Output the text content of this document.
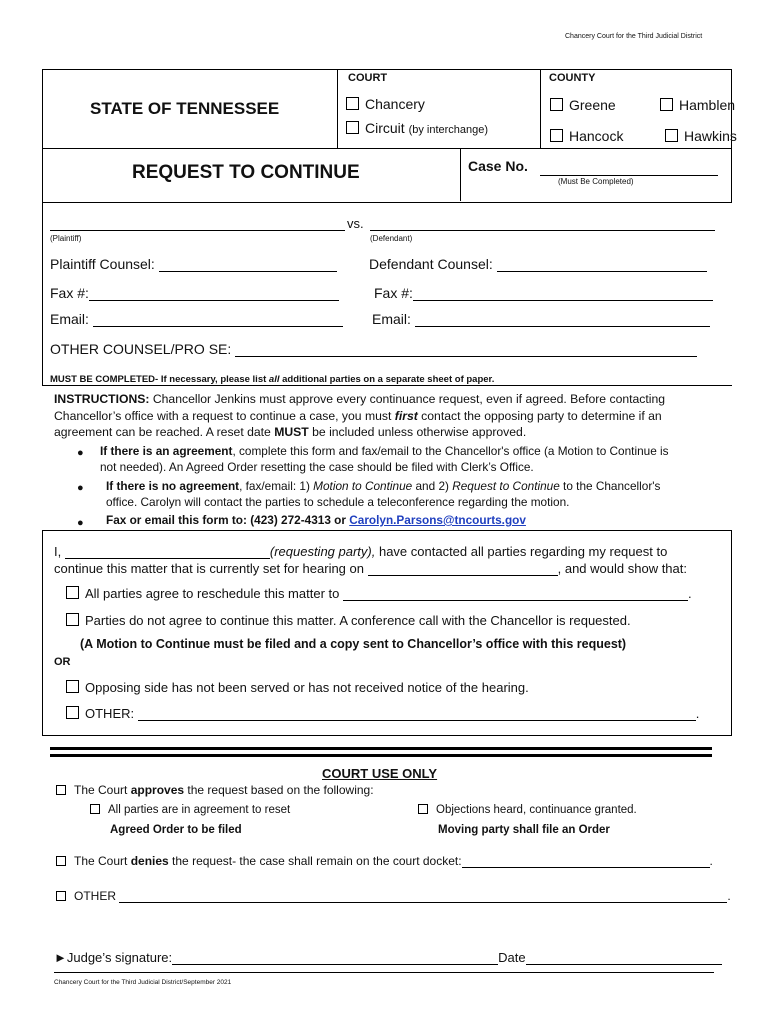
Chancery Court for the Third Judicial District
STATE OF TENNESSEE
COURT
Chancery
Circuit (by interchange)
COUNTY
Greene	Hamblen
Hancock	Hawkins
REQUEST TO CONTINUE	Case No.
(Must Be Completed)
vs.
(Plaintiff)	(Defendant)
Plaintiff Counsel:	Defendant Counsel:
Fax #:	Fax #:
Email:	Email:
OTHER COUNSEL/PRO SE:
MUST BE COMPLETED- If necessary, please list all additional parties on a separate sheet of paper.
INSTRUCTIONS: Chancellor Jenkins must approve every continuance request, even if agreed. Before contacting
Chancellor’s office with a request to continue a case, you must first contact the opposing party to determine if an
agreement can be reached. A reset date MUST be included unless otherwise approved.
● If there is an agreement, complete this form and fax/email to the Chancellor's office (a Motion to Continue is
not needed). An Agreed Order resetting the case should be filed with Clerk’s Office.
● If there is no agreement, fax/email: 1) Motion to Continue and 2) Request to Continue to the Chancellor's
office. Carolyn will contact the parties to schedule a teleconference regarding the motion.
● Fax or email this form to: (423) 272-4313 or Carolyn.Parsons@tncourts.gov
I,	(requesting party), have contacted all parties regarding my request to
continue this matter that is currently set for hearing on	, and would show that:
All parties agree to reschedule this matter to	.
Parties do not agree to continue this matter. A conference call with the Chancellor is requested.
(A Motion to Continue must be filed and a copy sent to Chancellor’s office with this request)
OR
Opposing side has not been served or has not received notice of the hearing.
OTHER:	.
COURT USE ONLY
The Court approves the request based on the following:
All parties are in agreement to reset
Agreed Order to be filed
Objections heard, continuance granted.
Moving party shall file an Order
The Court denies the request- the case shall remain on the court docket:	.
OTHER	.
►Judge’s signature:	Date
Chancery Court for the Third Judicial District/September 2021
